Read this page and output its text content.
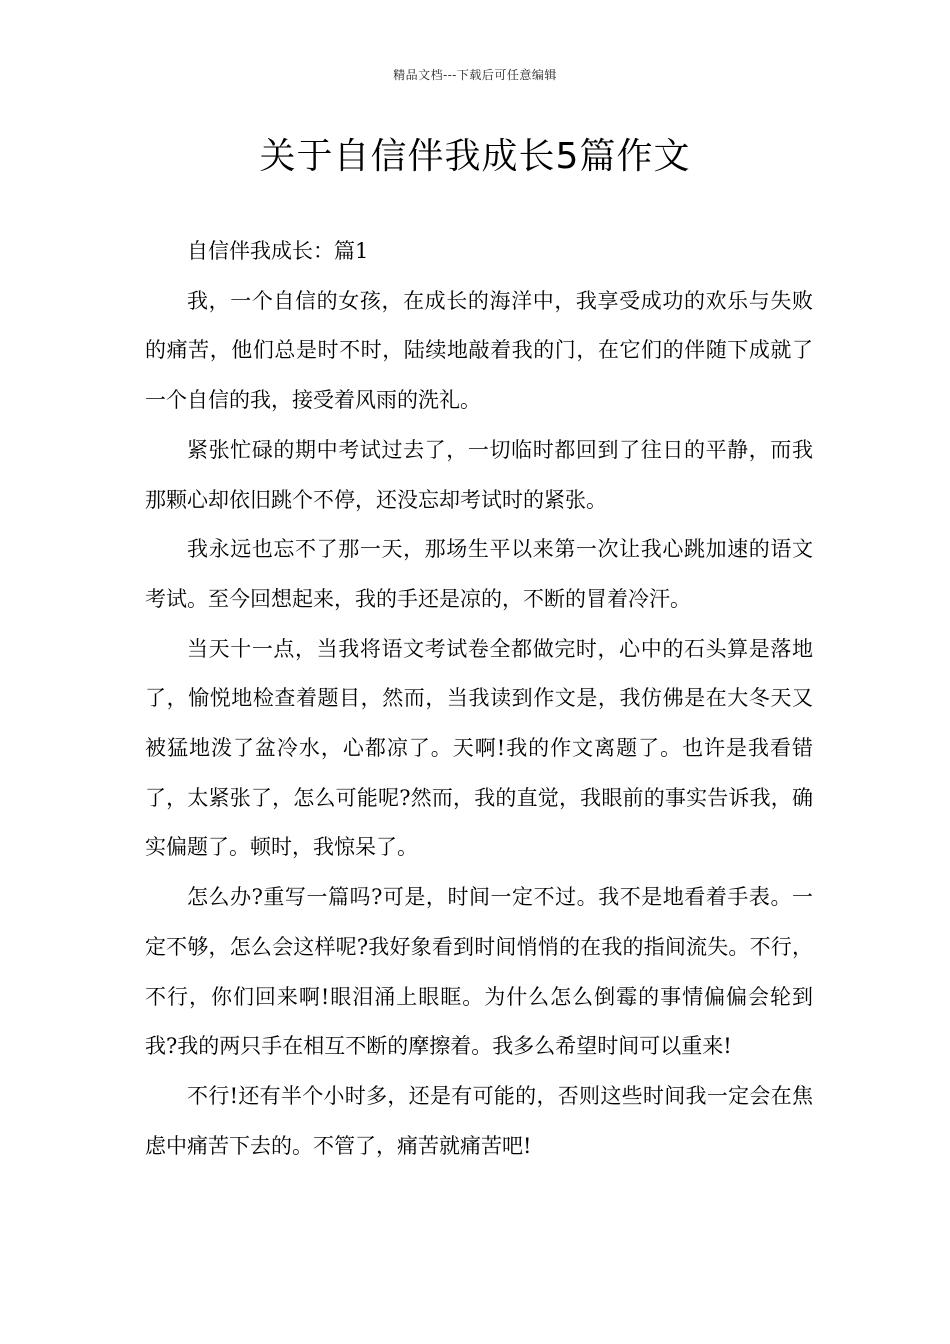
精品文档---下载后可任意编辑
关于自信伴我成长5篇作文

自信伴我成长：篇1

我，一个自信的女孩，在成长的海洋中，我享受成功的欢乐与失败的痛苦，他们总是时不时，陆续地敲着我的门，在它们的伴随下成就了一个自信的我，接受着风雨的洗礼。

紧张忙碌的期中考试过去了，一切临时都回到了往日的平静，而我那颗心却依旧跳个不停，还没忘却考试时的紧张。

我永远也忘不了那一天，那场生平以来第一次让我心跳加速的语文考试。至今回想起来，我的手还是凉的，不断的冒着冷汗。

当天十一点，当我将语文考试卷全都做完时，心中的石头算是落地了，愉悦地检查着题目，然而，当我读到作文是，我仿佛是在大冬天又被猛地泼了盆冷水，心都凉了。天啊!我的作文离题了。也许是我看错了，太紧张了，怎么可能呢?然而，我的直觉，我眼前的事实告诉我，确实偏题了。顿时，我惊呆了。

怎么办?重写一篇吗?可是，时间一定不过。我不是地看着手表。一定不够，怎么会这样呢?我好象看到时间悄悄的在我的指间流失。不行，不行，你们回来啊!眼泪涌上眼眶。为什么怎么倒霉的事情偏偏会轮到我?我的两只手在相互不断的摩擦着。我多么希望时间可以重来!

不行!还有半个小时多，还是有可能的，否则这些时间我一定会在焦虑中痛苦下去的。不管了，痛苦就痛苦吧!
